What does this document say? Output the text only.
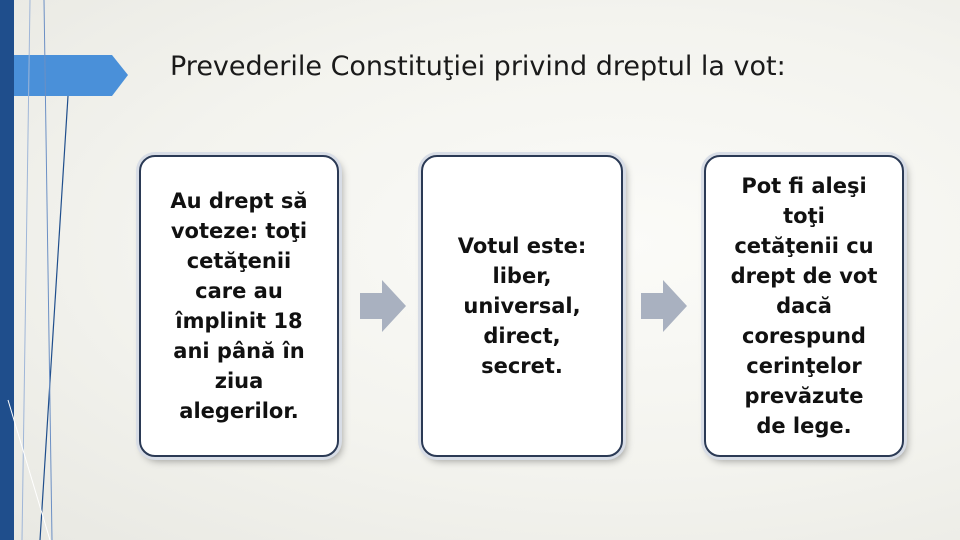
Prevederile Constituţiei privind dreptul la vot:
Au drept să
voteze: toţi
cetăţenii
care au
împlinit 18
ani până în
ziua
alegerilor.
Votul este:
liber,
universal,
direct,
secret.
Pot fi aleşi
toţi
cetăţenii cu
drept de vot
dacă
corespund
cerinţelor
prevăzute
de lege.
